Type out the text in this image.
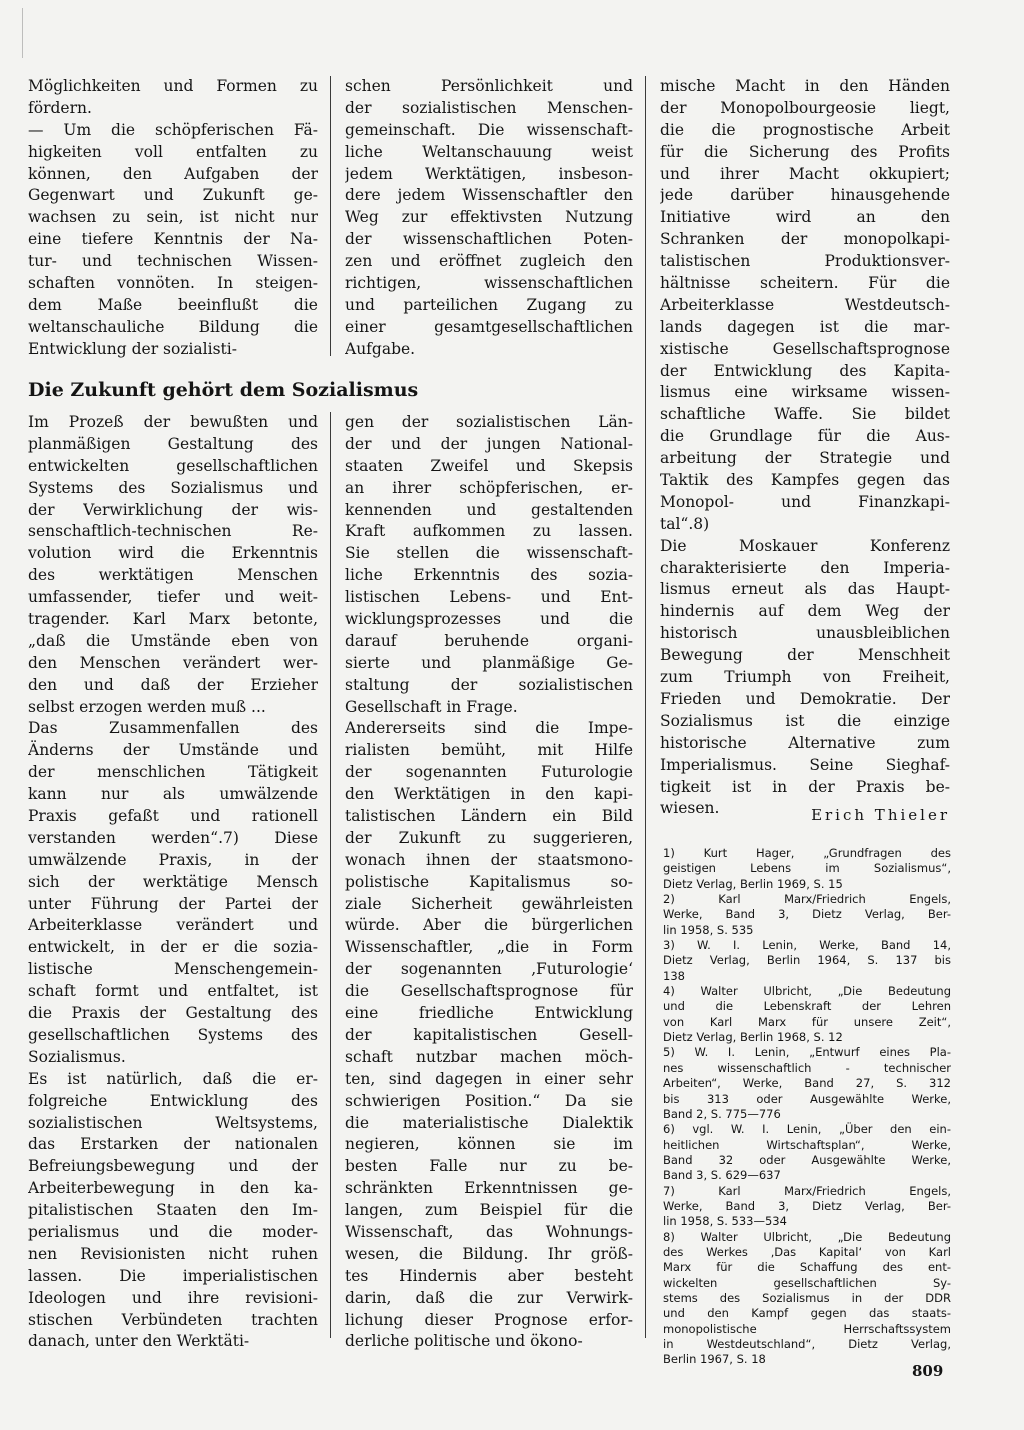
Möglichkeiten und Formen zu
fördern.
— Um die schöpferischen Fä-
higkeiten voll entfalten zu
können, den Aufgaben der
Gegenwart und Zukunft ge-
wachsen zu sein, ist nicht nur
eine tiefere Kenntnis der Na-
tur- und technischen Wissen-
schaften vonnöten. In steigen-
dem Maße beeinflußt die
weltanschauliche Bildung die
Entwicklung der sozialisti-
schen Persönlichkeit und
der sozialistischen Menschen-
gemeinschaft. Die wissenschaft-
liche Weltanschauung weist
jedem Werktätigen, insbeson-
dere jedem Wissenschaftler den
Weg zur effektivsten Nutzung
der wissenschaftlichen Poten-
zen und eröffnet zugleich den
richtigen, wissenschaftlichen
und parteilichen Zugang zu
einer gesamtgesellschaftlichen
Aufgabe.
Die Zukunft gehört dem Sozialismus
Im Prozeß der bewußten und
planmäßigen Gestaltung des
entwickelten gesellschaftlichen
Systems des Sozialismus und
der Verwirklichung der wis-
senschaftlich-technischen Re-
volution wird die Erkenntnis
des werktätigen Menschen
umfassender, tiefer und weit-
tragender. Karl Marx betonte,
„daß die Umstände eben von
den Menschen verändert wer-
den und daß der Erzieher
selbst erzogen werden muß ...
Das Zusammenfallen des
Änderns der Umstände und
der menschlichen Tätigkeit
kann nur als umwälzende
Praxis gefaßt und rationell
verstanden werden“.7) Diese
umwälzende Praxis, in der
sich der werktätige Mensch
unter Führung der Partei der
Arbeiterklasse verändert und
entwickelt, in der er die sozia-
listische Menschengemein-
schaft formt und entfaltet, ist
die Praxis der Gestaltung des
gesellschaftlichen Systems des
Sozialismus.
Es ist natürlich, daß die er-
folgreiche Entwicklung des
sozialistischen Weltsystems,
das Erstarken der nationalen
Befreiungsbewegung und der
Arbeiterbewegung in den ka-
pitalistischen Staaten den Im-
perialismus und die moder-
nen Revisionisten nicht ruhen
lassen. Die imperialistischen
Ideologen und ihre revisioni-
stischen Verbündeten trachten
danach, unter den Werktäti-
gen der sozialistischen Län-
der und der jungen National-
staaten Zweifel und Skepsis
an ihrer schöpferischen, er-
kennenden und gestaltenden
Kraft aufkommen zu lassen.
Sie stellen die wissenschaft-
liche Erkenntnis des sozia-
listischen Lebens- und Ent-
wicklungsprozesses und die
darauf beruhende organi-
sierte und planmäßige Ge-
staltung der sozialistischen
Gesellschaft in Frage.
Andererseits sind die Impe-
rialisten bemüht, mit Hilfe
der sogenannten Futurologie
den Werktätigen in den kapi-
talistischen Ländern ein Bild
der Zukunft zu suggerieren,
wonach ihnen der staatsmono-
polistische Kapitalismus so-
ziale Sicherheit gewährleisten
würde. Aber die bürgerlichen
Wissenschaftler, „die in Form
der sogenannten ‚Futurologie‘
die Gesellschaftsprognose für
eine friedliche Entwicklung
der kapitalistischen Gesell-
schaft nutzbar machen möch-
ten, sind dagegen in einer sehr
schwierigen Position.“ Da sie
die materialistische Dialektik
negieren, können sie im
besten Falle nur zu be-
schränkten Erkenntnissen ge-
langen, zum Beispiel für die
Wissenschaft, das Wohnungs-
wesen, die Bildung. Ihr größ-
tes Hindernis aber besteht
darin, daß die zur Verwirk-
lichung dieser Prognose erfor-
derliche politische und ökono-
mische Macht in den Händen
der Monopolbourgeosie liegt,
die die prognostische Arbeit
für die Sicherung des Profits
und ihrer Macht okkupiert;
jede darüber hinausgehende
Initiative wird an den
Schranken der monopolkapi-
talistischen Produktionsver-
hältnisse scheitern. Für die
Arbeiterklasse Westdeutsch-
lands dagegen ist die mar-
xistische Gesellschaftsprognose
der Entwicklung des Kapita-
lismus eine wirksame wissen-
schaftliche Waffe. Sie bildet
die Grundlage für die Aus-
arbeitung der Strategie und
Taktik des Kampfes gegen das
Monopol- und Finanzkapi-
tal“.8)
Die Moskauer Konferenz
charakterisierte den Imperia-
lismus erneut als das Haupt-
hindernis auf dem Weg der
historisch unausbleiblichen
Bewegung der Menschheit
zum Triumph von Freiheit,
Frieden und Demokratie. Der
Sozialismus ist die einzige
historische Alternative zum
Imperialismus. Seine Sieghaf-
tigkeit ist in der Praxis be-
wiesen.	Erich Thieler
1) Kurt Hager, „Grundfragen des
geistigen Lebens im Sozialismus“,
Dietz Verlag, Berlin 1969, S. 15
2) Karl Marx/Friedrich Engels,
Werke, Band 3, Dietz Verlag, Ber-
lin 1958, S. 535
3) W. I. Lenin, Werke, Band 14,
Dietz Verlag, Berlin 1964, S. 137 bis
138
4) Walter Ulbricht, „Die Bedeutung
und die Lebenskraft der Lehren
von Karl Marx für unsere Zeit“,
Dietz Verlag, Berlin 1968, S. 12
5) W. I. Lenin, „Entwurf eines Pla-
nes wissenschaftlich - technischer
Arbeiten“, Werke, Band 27, S. 312
bis 313 oder Ausgewählte Werke,
Band 2, S. 775—776
6) vgl. W. I. Lenin, „Über den ein-
heitlichen Wirtschaftsplan“, Werke,
Band 32 oder Ausgewählte Werke,
Band 3, S. 629—637
7) Karl Marx/Friedrich Engels,
Werke, Band 3, Dietz Verlag, Ber-
lin 1958, S. 533—534
8) Walter Ulbricht, „Die Bedeutung
des Werkes ‚Das Kapital‘ von Karl
Marx für die Schaffung des ent-
wickelten gesellschaftlichen Sy-
stems des Sozialismus in der DDR
und den Kampf gegen das staats-
monopolistische Herrschaftssystem
in Westdeutschland“, Dietz Verlag,
Berlin 1967, S. 18
809
